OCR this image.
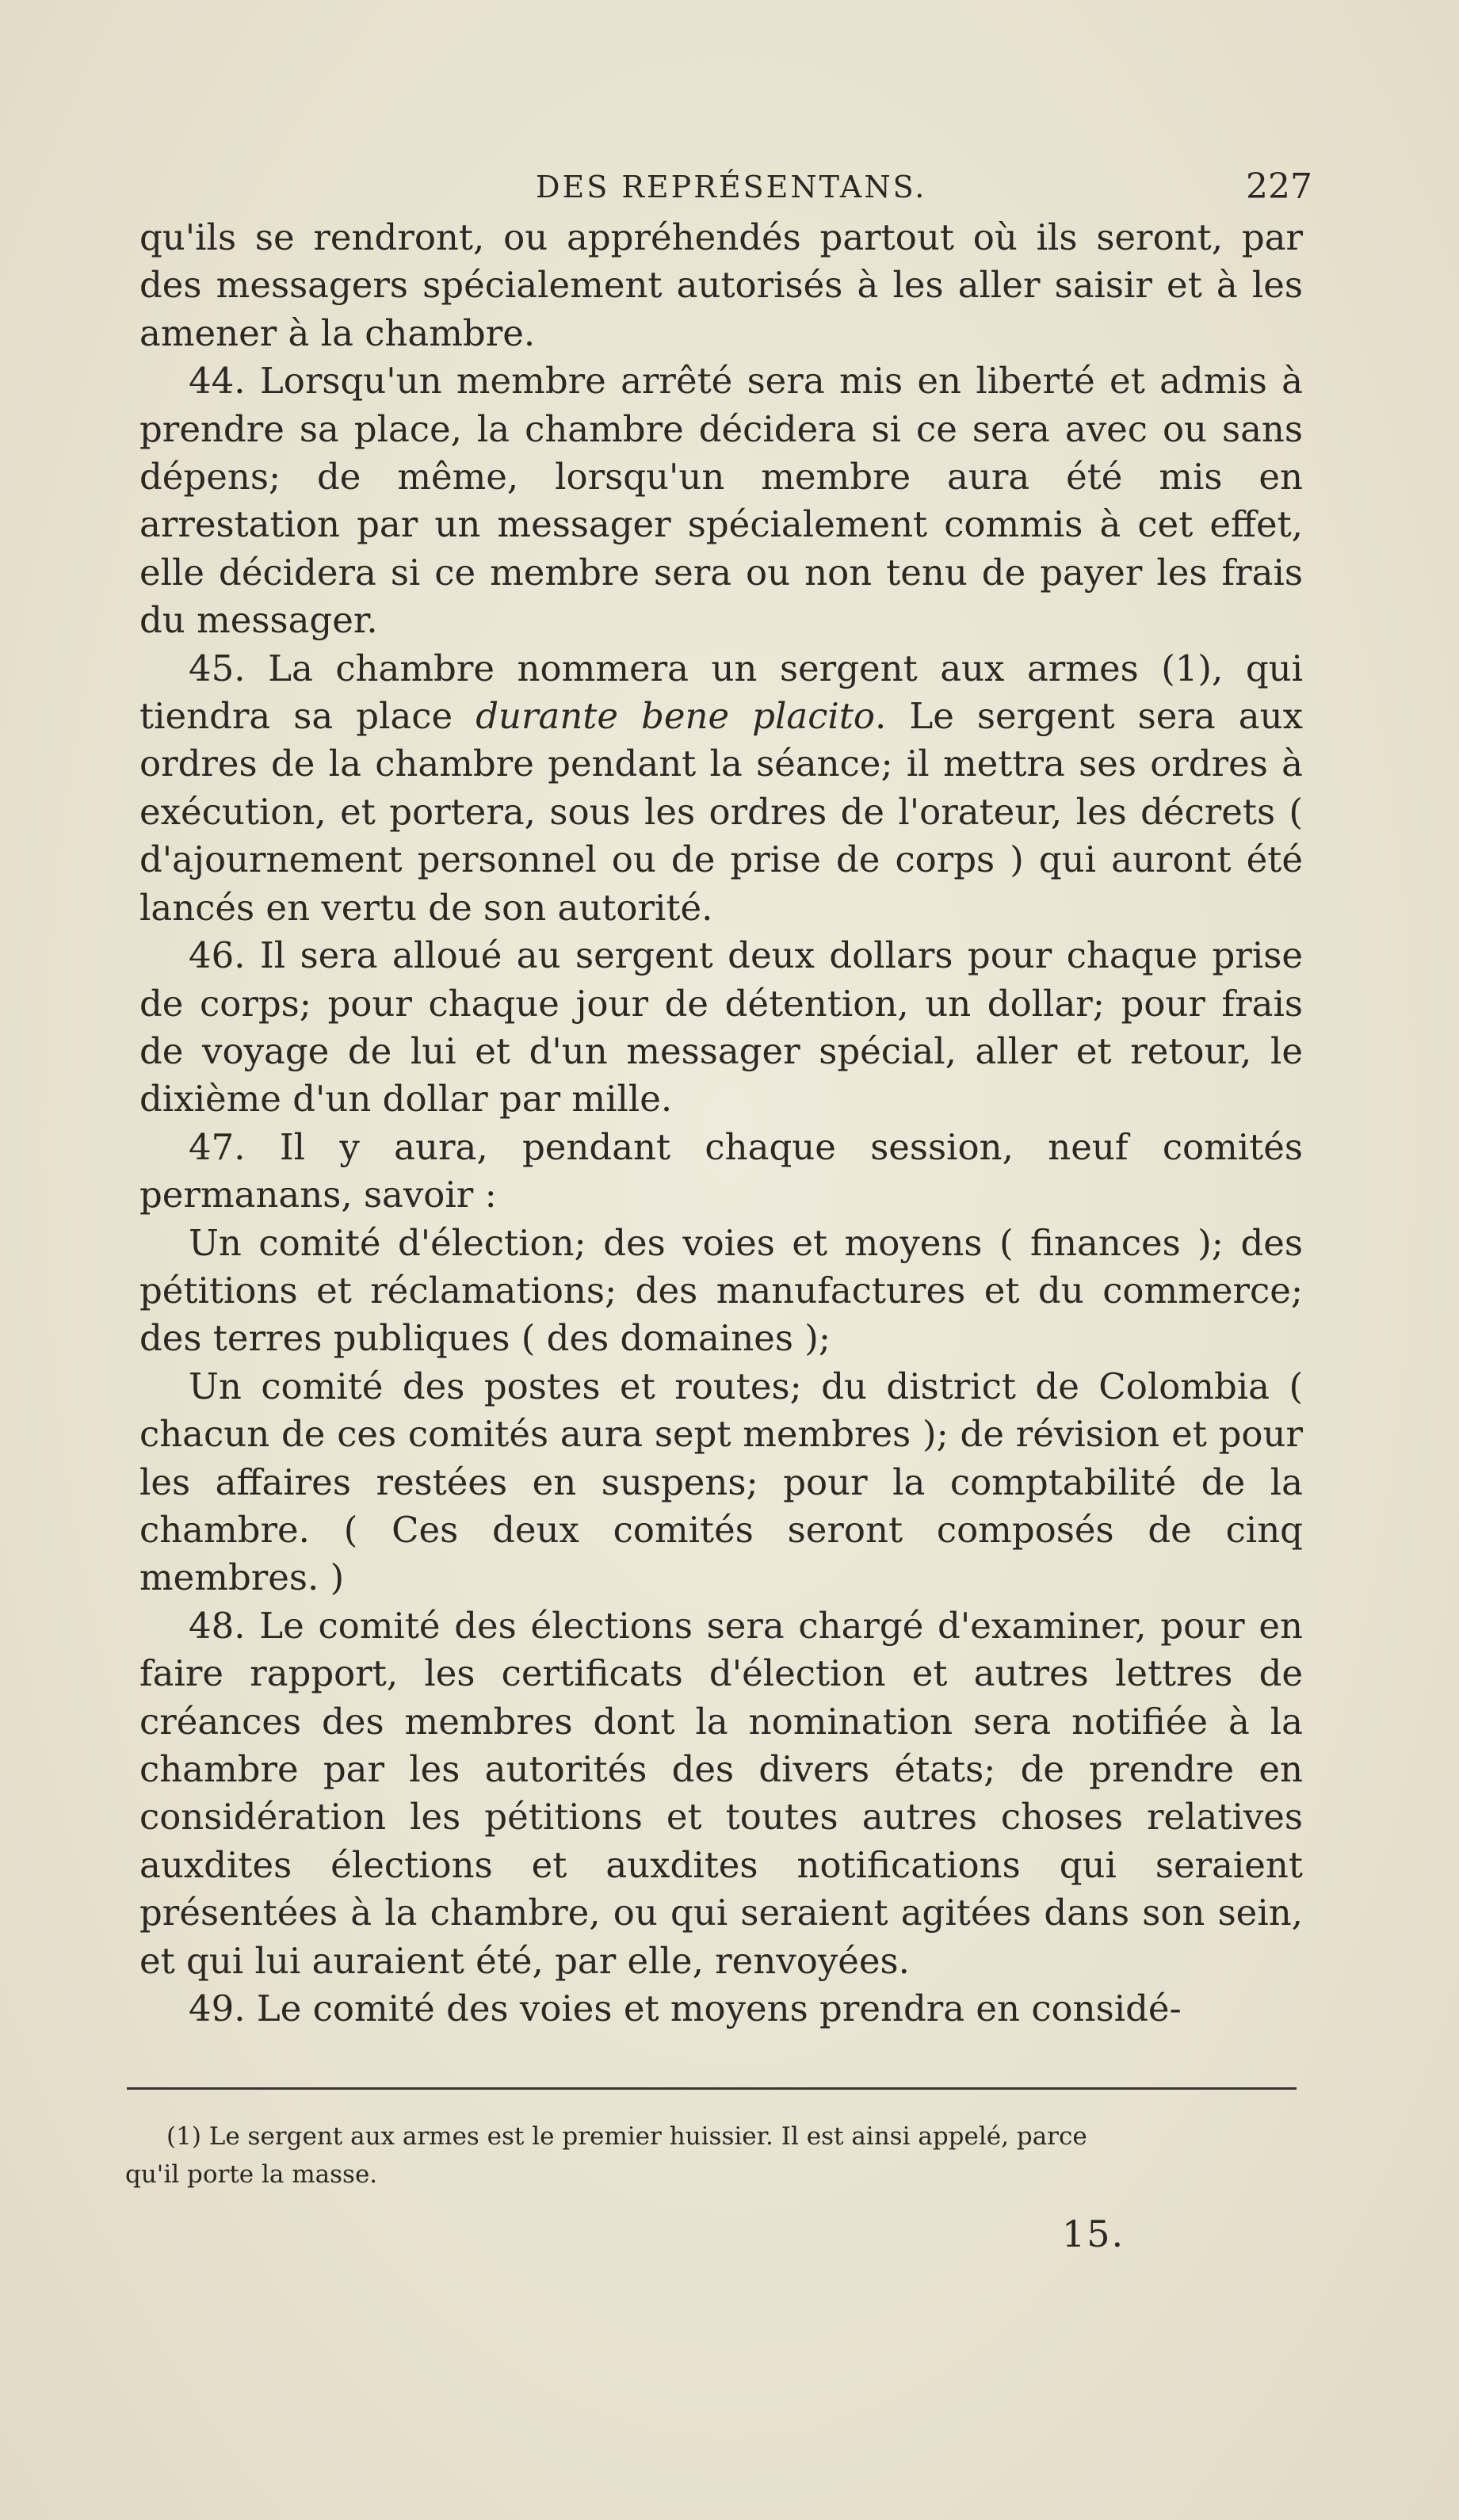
DES REPRÉSENTANS.	227

qu'ils se rendront, ou appréhendés partout où ils seront, par des messagers spécialement autorisés à les aller saisir et à les amener à la chambre.

44. Lorsqu'un membre arrêté sera mis en liberté et admis à prendre sa place, la chambre décidera si ce sera avec ou sans dépens; de même, lorsqu'un membre aura été mis en arrestation par un messager spécialement commis à cet effet, elle décidera si ce membre sera ou non tenu de payer les frais du messager.

45. La chambre nommera un sergent aux armes (1), qui tiendra sa place durante bene placito. Le sergent sera aux ordres de la chambre pendant la séance; il mettra ses ordres à exécution, et portera, sous les ordres de l'orateur, les décrets ( d'ajournement personnel ou de prise de corps ) qui auront été lancés en vertu de son autorité.

46. Il sera alloué au sergent deux dollars pour chaque prise de corps; pour chaque jour de détention, un dollar; pour frais de voyage de lui et d'un messager spécial, aller et retour, le dixième d'un dollar par mille.

47. Il y aura, pendant chaque session, neuf comités permanans, savoir :

Un comité d'élection; des voies et moyens ( finances ); des pétitions et réclamations; des manufactures et du commerce; des terres publiques ( des domaines );

Un comité des postes et routes; du district de Colombia ( chacun de ces comités aura sept membres ); de révision et pour les affaires restées en suspens; pour la comptabilité de la chambre. ( Ces deux comités seront composés de cinq membres. )

48. Le comité des élections sera chargé d'examiner, pour en faire rapport, les certificats d'élection et autres lettres de créances des membres dont la nomination sera notifiée à la chambre par les autorités des divers états; de prendre en considération les pétitions et toutes autres choses relatives auxdites élections et auxdites notifications qui seraient présentées à la chambre, ou qui seraient agitées dans son sein, et qui lui auraient été, par elle, renvoyées.

49. Le comité des voies et moyens prendra en considé-

(1) Le sergent aux armes est le premier huissier. Il est ainsi appelé, parce
qu'il porte la masse.
15.
